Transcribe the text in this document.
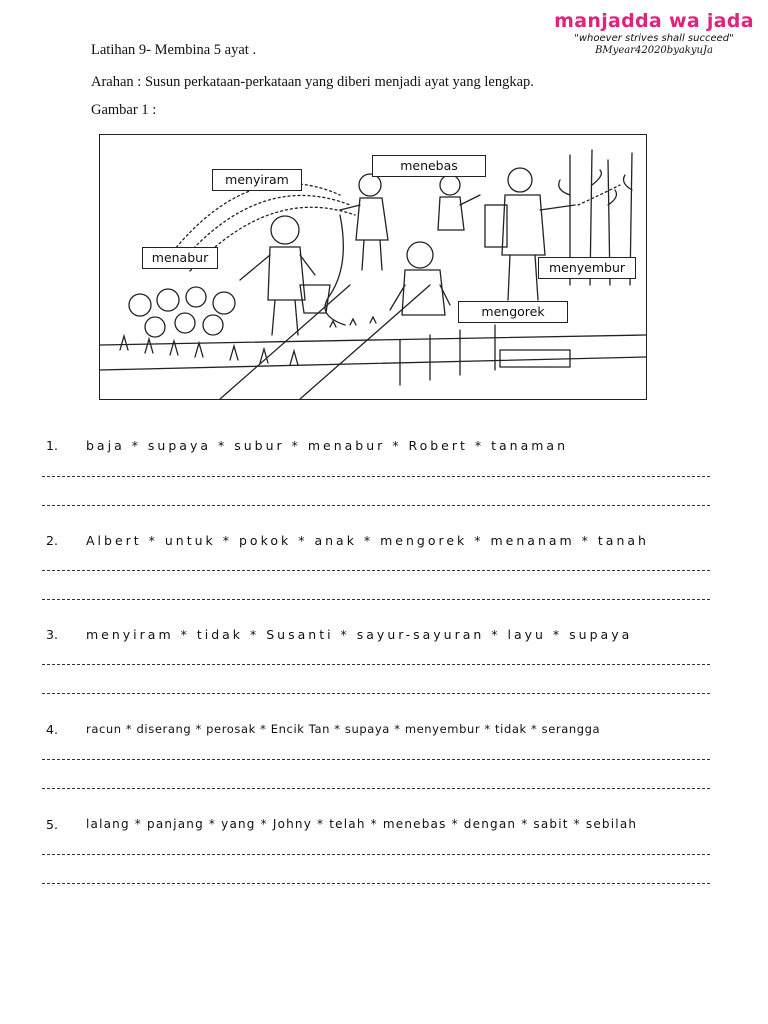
manjadda wa jada
"whoever strives shall succeed"
BMyear42020byakyuJa
Latihan 9- Membina 5 ayat .
Arahan : Susun perkataan-perkataan yang diberi menjadi ayat yang lengkap.
Gambar 1 :
menyiram
menebas
menabur
menyembur
mengorek
1. baja * supaya * subur * menabur * Robert * tanaman
2. Albert * untuk * pokok * anak * mengorek * menanam * tanah
3. menyiram * tidak * Susanti * sayur-sayuran * layu * supaya
4. racun * diserang * perosak * Encik Tan * supaya * menyembur * tidak * serangga
5. lalang * panjang * yang * Johny * telah * menebas * dengan * sabit * sebilah
